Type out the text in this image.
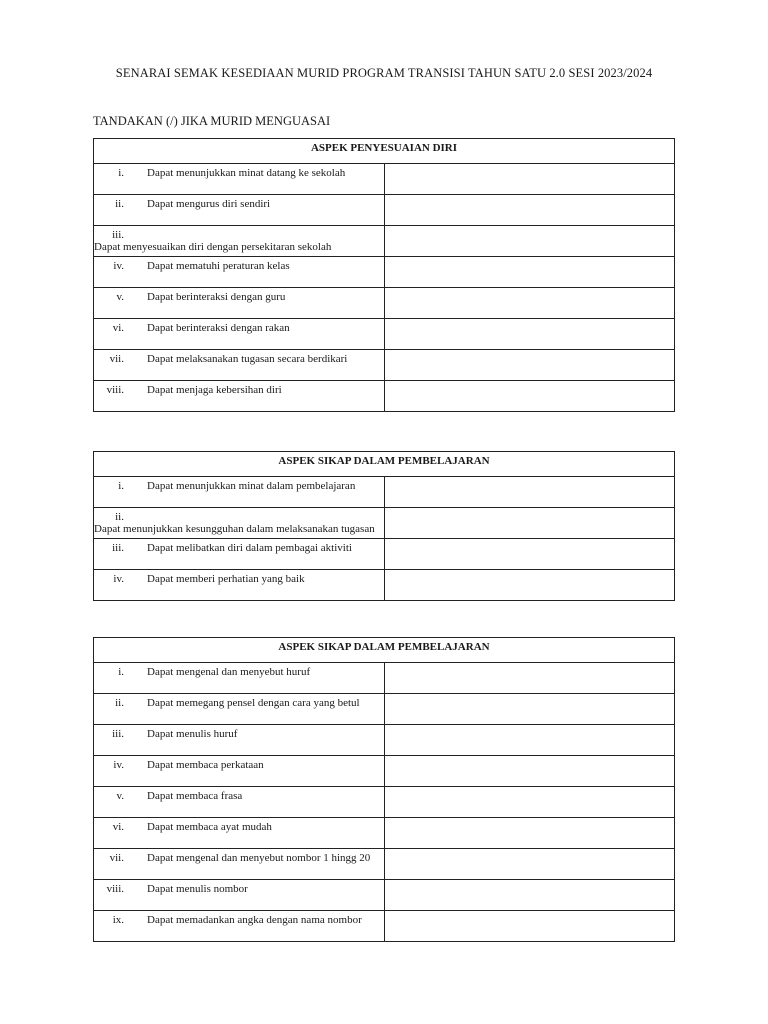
SENARAI SEMAK KESEDIAAN MURID PROGRAM TRANSISI TAHUN SATU 2.0 SESI 2023/2024
TANDAKAN (/) JIKA MURID MENGUASAI
ASPEK PENYESUAIAN DIRI	
i. Dapat menunjukkan minat datang ke sekolah	
ii. Dapat mengurus diri sendiri	
iii.Dapat menyesuaikan diri dengan persekitaran sekolah	
iv. Dapat mematuhi peraturan kelas	
v. Dapat berinteraksi dengan guru	
vi. Dapat berinteraksi dengan rakan	
vii. Dapat melaksanakan tugasan secara berdikari	
viii. Dapat menjaga kebersihan diri	
ASPEK SIKAP DALAM PEMBELAJARAN	
i. Dapat menunjukkan minat dalam pembelajaran	
ii.Dapat menunjukkan kesungguhan dalam melaksanakan tugasan	
iii. Dapat melibatkan diri dalam pembagai aktiviti	
iv. Dapat memberi perhatian yang baik	
ASPEK SIKAP DALAM PEMBELAJARAN	
i. Dapat mengenal dan menyebut huruf	
ii. Dapat memegang pensel dengan cara yang betul	
iii. Dapat menulis huruf	
iv. Dapat membaca perkataan	
v. Dapat membaca frasa	
vi. Dapat membaca ayat mudah	
vii. Dapat mengenal dan menyebut nombor 1 hingg 20	
viii. Dapat menulis nombor	
ix. Dapat memadankan angka dengan nama nombor	
